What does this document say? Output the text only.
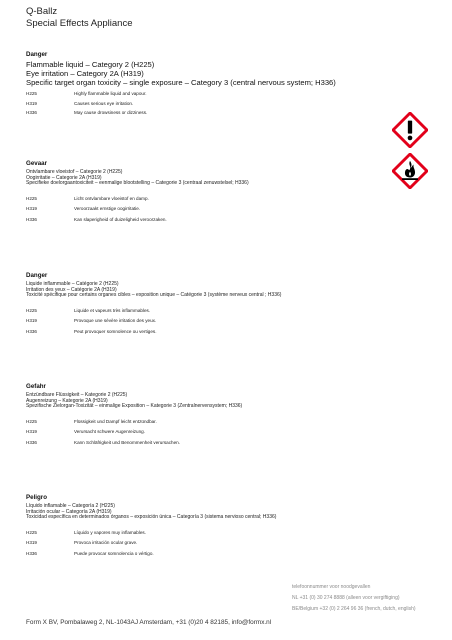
Q-Ballz
Special Effects Appliance
Danger
Flammable liquid – Category 2 (H225)
Eye irritation – Category 2A (H319)
Specific target organ toxicity – single exposure – Category 3 (central nervous system; H336)
H225	Highly flammable liquid and vapour.
H319	Causes serious eye irritation.
H336	May cause drowsiness or dizziness.
Gevaar
Ontvlambare vloeistof – Categorie 2 (H225)
Oogirritatie – Categorie 2A (H319)
Specifieke doelorgaantoxiciteit – eenmalige blootstelling – Categorie 3 (centraal zenuwstelsel; H336)
H225	Licht ontvlambare vloeistof en damp.
H319	Veroorzaakt ernstige oogirritatie.
H336	Kan slaperigheid of duizeligheid veroorzaken.
Danger
Liquide inflammable – Catégorie 2 (H225)
Irritation des yeux – Catégorie 2A (H319)
Toxicité spécifique pour certains organes cibles – exposition unique – Catégorie 3 (système nerveux central ; H336)
H225	Liquide et vapeurs très inflammables.
H319	Provoque une sévère irritation des yeux.
H336	Peut provoquer somnolence ou vertiges.
Gefahr
Entzündbare Flüssigkeit – Kategorie 2 (H225)
Augenreizung – Kategorie 2A (H319)
Spezifische Zielorgan-Toxizität – einmalige Exposition – Kategorie 3 (Zentralnervensystem; H336)
H225	Flüssigkeit und Dampf leicht entzündbar.
H319	Verursacht schwere Augenreizung.
H336	Kann Schläfrigkeit und Benommenheit verursachen.
Peligro
Líquido inflamable – Categoría 2 (H225)
Irritación ocular – Categoría 2A (H319)
Toxicidad específica en determinados órganos – exposición única – Categoría 3 (sistema nervioso central; H336)
H225	Líquido y vapores muy inflamables.
H319	Provoca irritación ocular grave.
H336	Puede provocar somnolencia o vértigo.

telefoonnummer voor noodgevallen
NL +31 (0) 30 274 8888 (alleen voor vergiftiging)
BE/Belgium +32 (0) 2 264 96 36 (french, dutch, english)
Form X BV, Pombalaweg 2, NL-1043AJ Amsterdam, +31 (0)20 4 82185, info@formx.nl
